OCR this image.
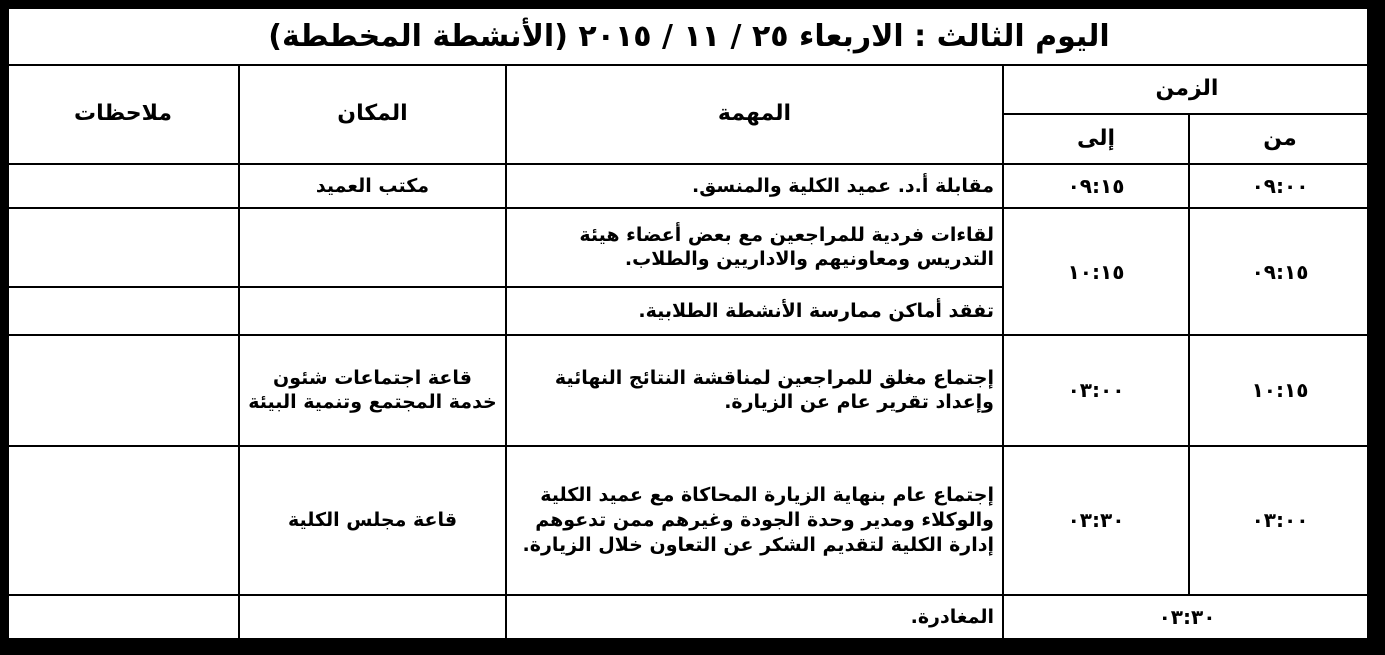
اليوم الثالث : الاربعاء ٢٥ / ١١ / ٢٠١٥ (الأنشطة المخططة)				
الزمن		المهمة	المكان	ملاحظات
من	إلى			
٠٩:٠٠	٠٩:١٥	مقابلة أ.د. عميد الكلية والمنسق.	مكتب العميد	
٠٩:١٥	١٠:١٥	لقاءات فردية للمراجعين مع بعض أعضاء هيئة التدريس ومعاونيهم والاداريين والطلاب.		
		تفقد أماكن ممارسة الأنشطة الطلابية.		
١٠:١٥	٠٣:٠٠	إجتماع مغلق للمراجعين لمناقشة النتائج النهائية وإعداد تقرير عام عن الزيارة.	قاعة اجتماعات شئون خدمة المجتمع وتنمية البيئة	
٠٣:٠٠	٠٣:٣٠	إجتماع عام بنهاية الزيارة المحاكاة مع عميد الكلية والوكلاء ومدير وحدة الجودة وغيرهم ممن تدعوهم إدارة الكلية لتقديم الشكر عن التعاون خلال الزيارة.	قاعة مجلس الكلية	
٠٣:٣٠		المغادرة.		
